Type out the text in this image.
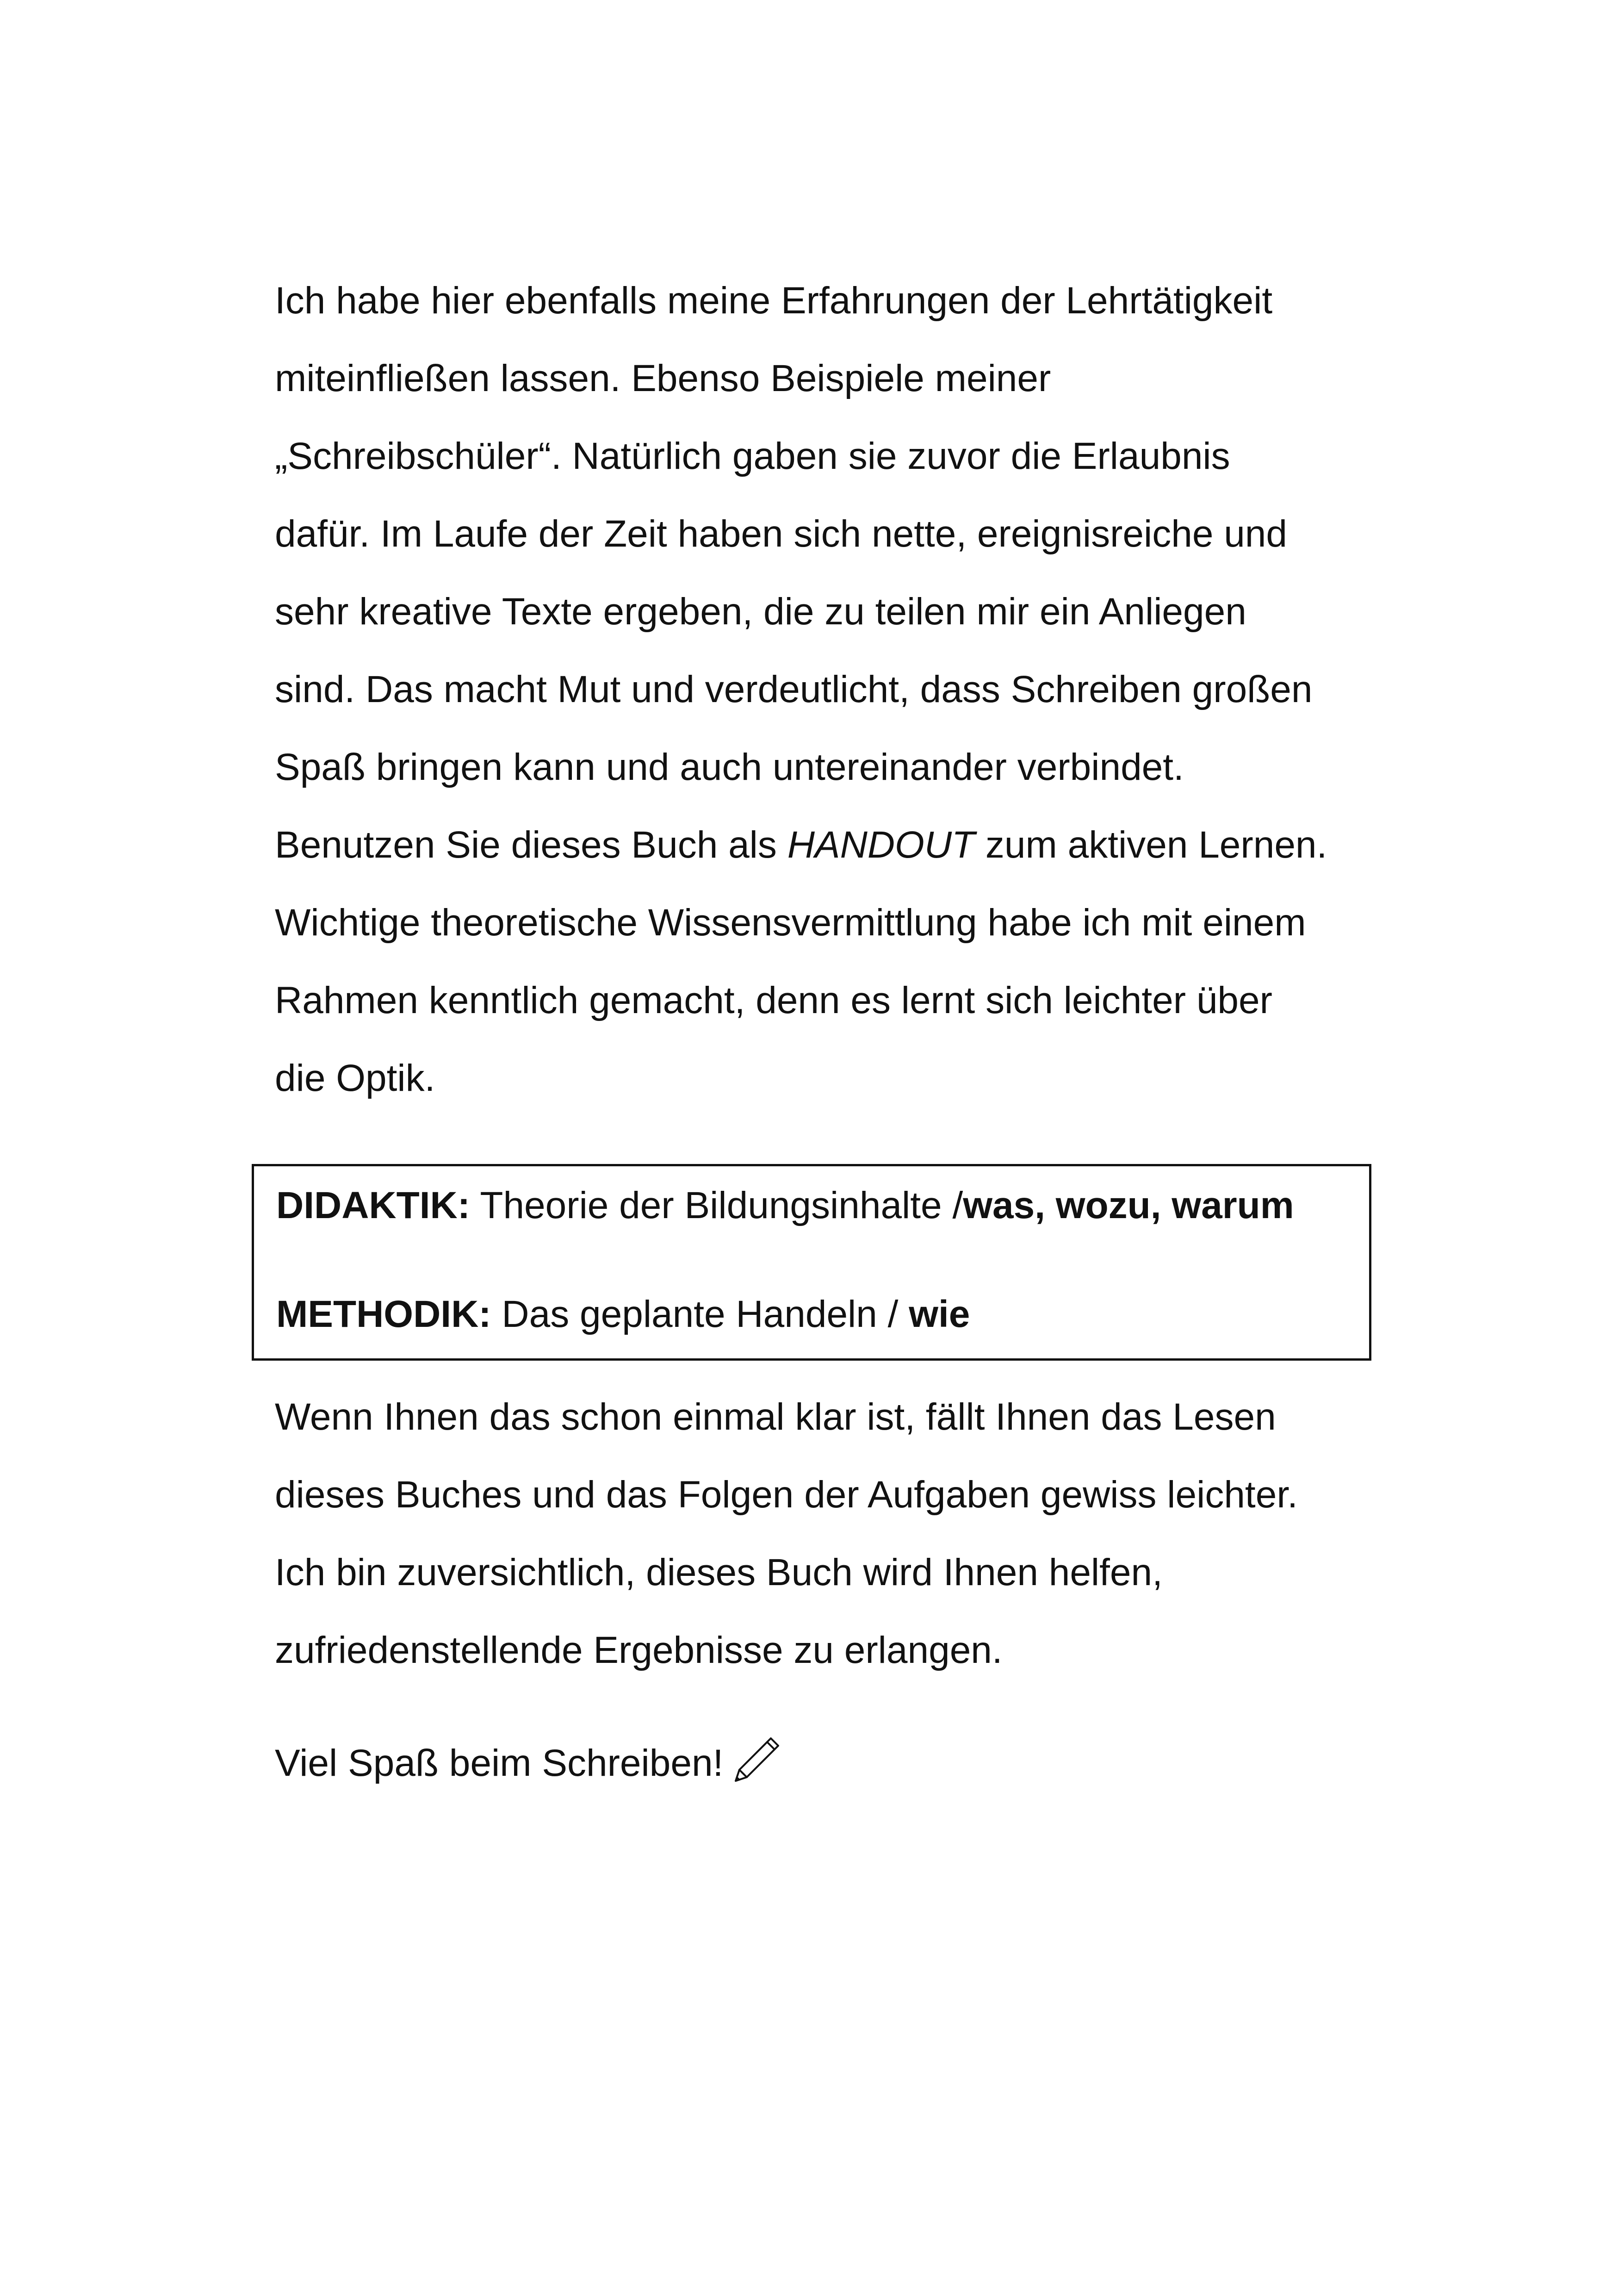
Ich habe hier ebenfalls meine Erfahrungen der Lehrtätigkeit
miteinfließen lassen. Ebenso Beispiele meiner
„Schreibschüler“. Natürlich gaben sie zuvor die Erlaubnis
dafür. Im Laufe der Zeit haben sich nette, ereignisreiche und
sehr kreative Texte ergeben, die zu teilen mir ein Anliegen
sind. Das macht Mut und verdeutlicht, dass Schreiben großen
Spaß bringen kann und auch untereinander verbindet.
Benutzen Sie dieses Buch als HANDOUT zum aktiven Lernen.
Wichtige theoretische Wissensvermittlung habe ich mit einem
Rahmen kenntlich gemacht, denn es lernt sich leichter über
die Optik.
DIDAKTIK: Theorie der Bildungsinhalte /was, wozu, warum
METHODIK: Das geplante Handeln / wie
Wenn Ihnen das schon einmal klar ist, fällt Ihnen das Lesen
dieses Buches und das Folgen der Aufgaben gewiss leichter.
Ich bin zuversichtlich, dieses Buch wird Ihnen helfen,
zufriedenstellende Ergebnisse zu erlangen.
Viel Spaß beim Schreiben!
